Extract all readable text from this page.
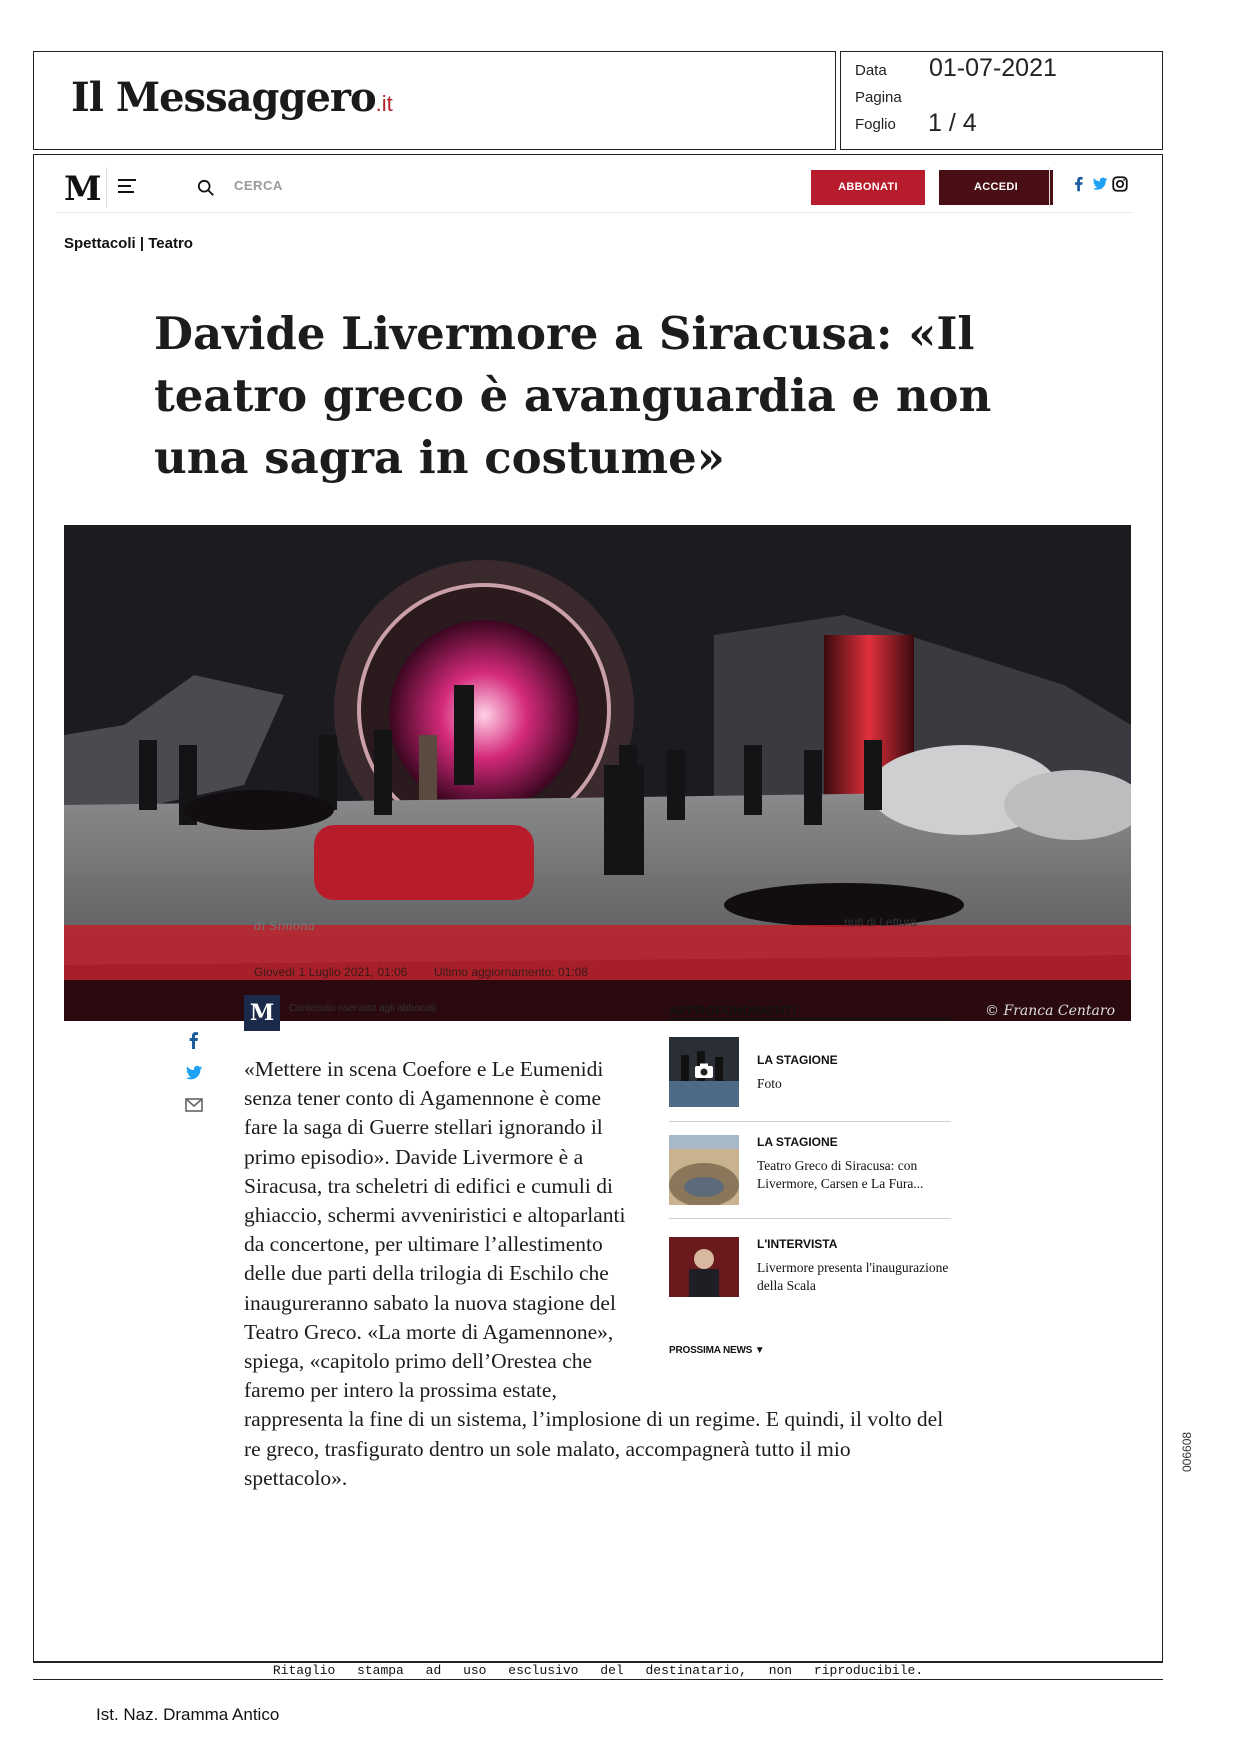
Il Messaggero.it
Data 01-07-2021
Pagina
Foglio 1 / 4
M	CERCA	ABBONATI	ACCEDI
Spettacoli | Teatro
Davide Livermore a Siracusa: «Il teatro greco è avanguardia e non una sagra in costume»
di Simona	nuti di Lettura
Giovedì 1 Luglio 2021, 01:06 Ultimo aggiornamento: 01:08
© Franca Centaro
M	Contenuto riservato agli abbonati
«Mettere in scena Coefore e Le Eumenidi senza tener conto di Agamennone è come fare la saga di Guerre stellari ignorando il primo episodio». Davide Livermore è a Siracusa, tra scheletri di edifici e cumuli di ghiaccio, schermi avveniristici e altoparlanti da concertone, per ultimare l’allestimento delle due parti della trilogia di Eschilo che inaugureranno sabato la nuova stagione del Teatro Greco. «La morte di Agamennone», spiega, «capitolo primo dell’Orestea che faremo per intero la prossima estate, rappresenta la fine di un sistema, l’implosione di un regime. E quindi, il volto del re greco, trasfigurato dentro un sole malato, accompagnerà tutto il mio spettacolo».
APPROFONDIMENTI
LA STAGIONE
Foto
LA STAGIONE
Teatro Greco di Siracusa: con Livermore, Carsen e La Fura...
L'INTERVISTA
Livermore presenta l'inaugurazione della Scala
PROSSIMA NEWS ▼
006608
Ritaglio stampa ad uso esclusivo del destinatario, non riproducibile.
Ist. Naz. Dramma Antico
